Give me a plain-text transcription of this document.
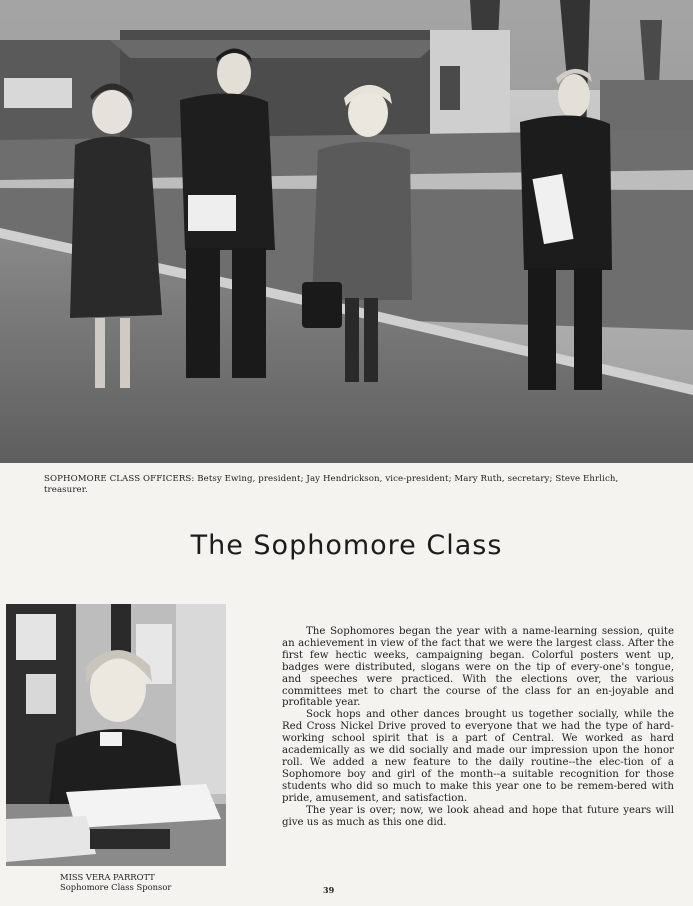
SOPHOMORE CLASS OFFICERS: Betsy Ewing, president; Jay Hendrickson, vice-president; Mary Ruth, secretary; Steve Ehrlich, treasurer.
The Sophomore Class
MISS VERA PARROTT
Sophomore Class Sponsor

The Sophomores began the year with a name-learning session, quite an achievement in view of the fact that we were the largest class. After the first few hectic weeks, campaigning began. Colorful posters went up, badges were distributed, slogans were on the tip of every-one's tongue, and speeches were practiced. With the elections over, the various committees met to chart the course of the class for an en-joyable and profitable year.

Sock hops and other dances brought us together socially, while the Red Cross Nickel Drive proved to everyone that we had the type of hard-working school spirit that is a part of Central. We worked as hard academically as we did socially and made our impression upon the honor roll. We added a new feature to the daily routine--the elec-tion of a Sophomore boy and girl of the month--a suitable recognition for those students who did so much to make this year one to be remem-bered with pride, amusement, and satisfaction.

The year is over; now, we look ahead and hope that future years will give us as much as this one did.

39
